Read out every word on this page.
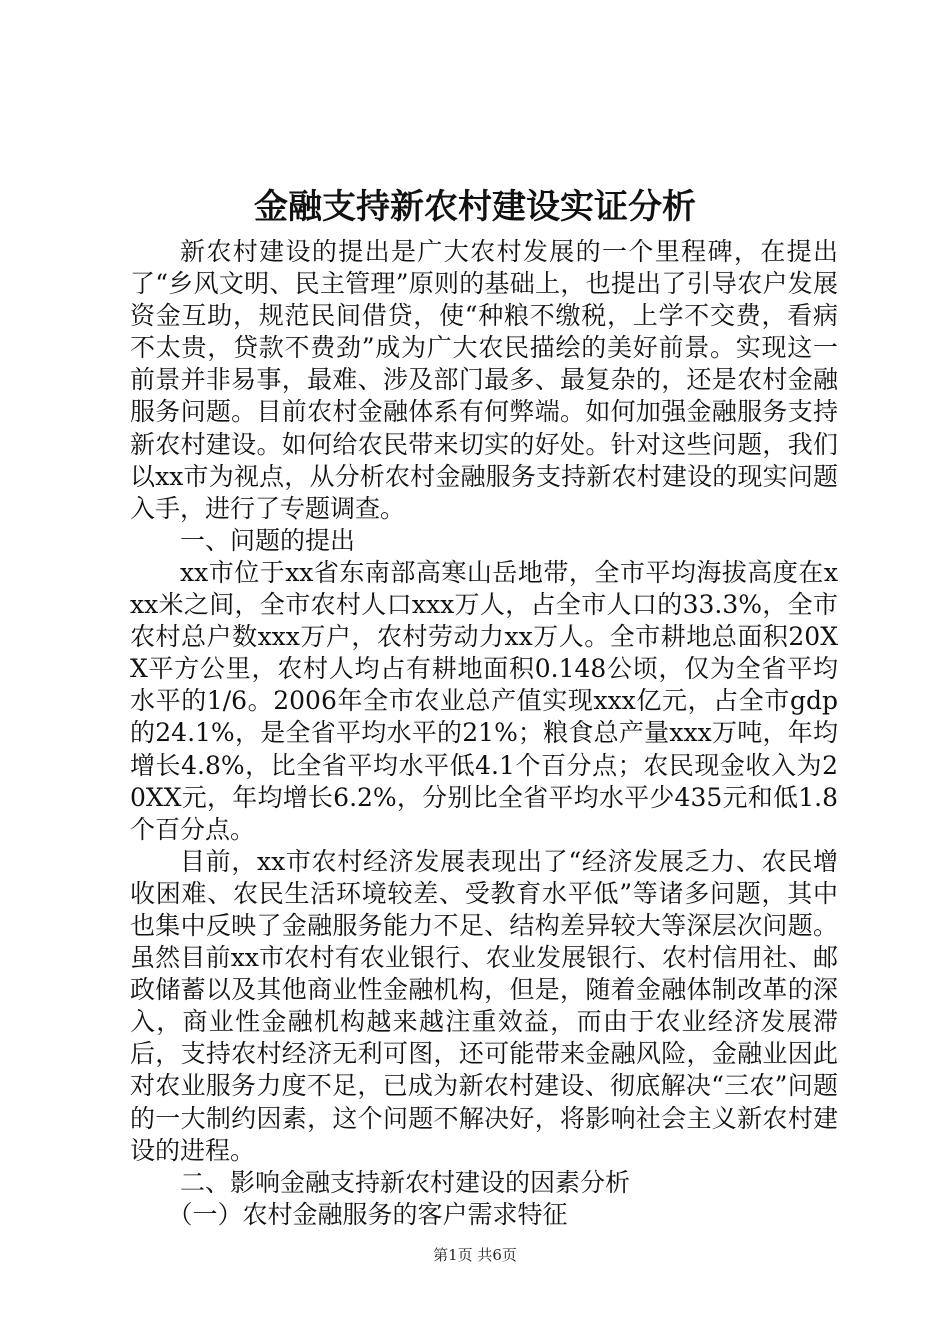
金融支持新农村建设实证分析

新农村建设的提出是广大农村发展的一个里程碑，在提出了“乡风文明、民主管理”原则的基础上，也提出了引导农户发展资金互助，规范民间借贷，使“种粮不缴税，上学不交费，看病不太贵，贷款不费劲”成为广大农民描绘的美好前景。实现这一前景并非易事，最难、涉及部门最多、最复杂的，还是农村金融服务问题。目前农村金融体系有何弊端。如何加强金融服务支持新农村建设。如何给农民带来切实的好处。针对这些问题，我们以xx市为视点，从分析农村金融服务支持新农村建设的现实问题入手，进行了专题调查。

一、问题的提出

xx市位于xx省东南部高寒山岳地带，全市平均海拔高度在xxx米之间，全市农村人口xxx万人，占全市人口的33.3%，全市农村总户数xxx万户，农村劳动力xx万人。全市耕地总面积20XX平方公里，农村人均占有耕地面积0.148公顷，仅为全省平均水平的1/6。2006年全市农业总产值实现xxx亿元，占全市gdp的24.1%，是全省平均水平的21%；粮食总产量xxx万吨，年均增长4.8%，比全省平均水平低4.1个百分点；农民现金收入为20XX元，年均增长6.2%，分别比全省平均水平少435元和低1.8个百分点。

目前，xx市农村经济发展表现出了“经济发展乏力、农民增收困难、农民生活环境较差、受教育水平低”等诸多问题，其中也集中反映了金融服务能力不足、结构差异较大等深层次问题。虽然目前xx市农村有农业银行、农业发展银行、农村信用社、邮政储蓄以及其他商业性金融机构，但是，随着金融体制改革的深入，商业性金融机构越来越注重效益，而由于农业经济发展滞后，支持农村经济无利可图，还可能带来金融风险，金融业因此对农业服务力度不足，已成为新农村建设、彻底解决“三农”问题的一大制约因素，这个问题不解决好，将影响社会主义新农村建设的进程。

二、影响金融支持新农村建设的因素分析

（一）农村金融服务的客户需求特征

第1页 共6页
